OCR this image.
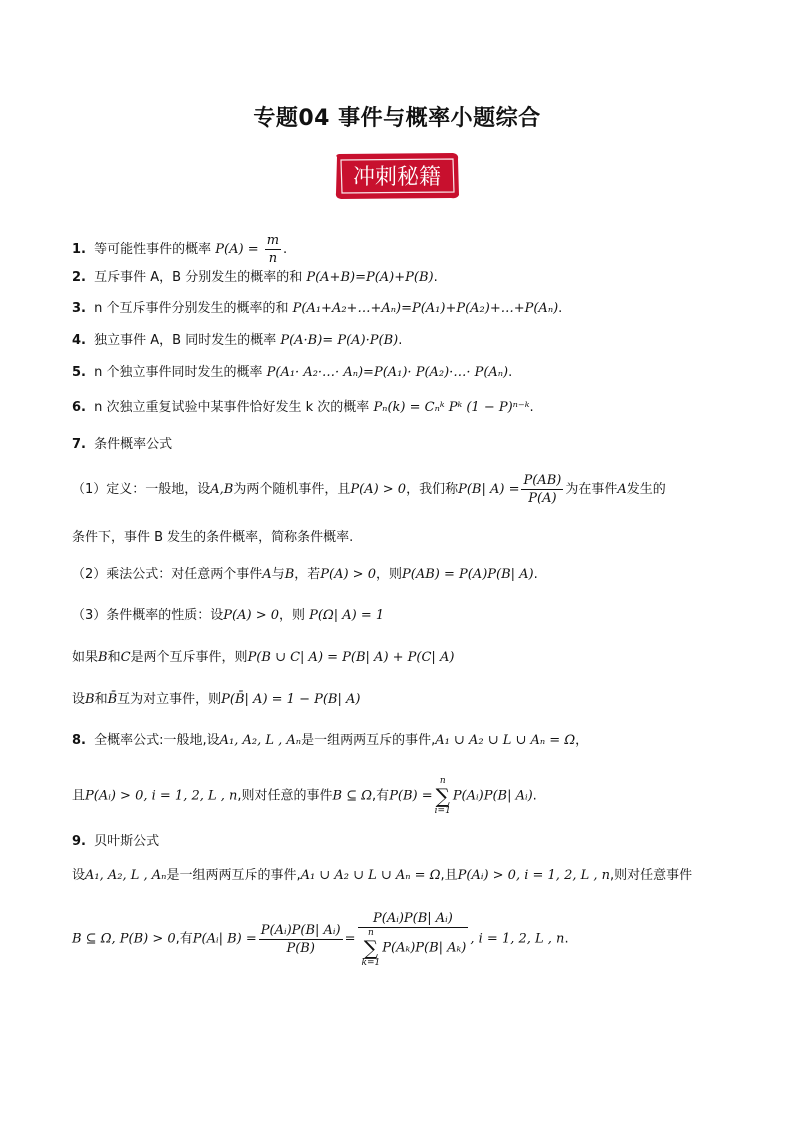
专题04 事件与概率小题综合
冲刺秘籍
1. 等可能性事件的概率 $P(A) = \frac{m}{n}$ .
2. 互斥事件 A，B 分别发生的概率的和 P(A+B)=P(A)+P(B).
3. n 个互斥事件分别发生的概率的和 P(A₁+A₂+…+Aₙ)=P(A₁)+P(A₂)+…+P(Aₙ).
4. 独立事件 A，B 同时发生的概率 P(A·B)= P(A)·P(B).
5. n 个独立事件同时发生的概率 P(A₁· A₂·…· Aₙ)=P(A₁)· P(A₂)·…· P(Aₙ).
6. n 次独立重复试验中某事件恰好发生 k 次的概率 Pₙ(k) = Cₙᵏ Pᵏ (1 − P)ⁿ⁻ᵏ.
7. 条件概率公式
（1）定义：一般地，设A,B为两个随机事件，且P(A) > 0，我们称P(B| $A) = \frac{P(AB)}{P(A)}$ 为在事件A发生的
条件下，事件 B 发生的条件概率，简称条件概率.
（2）乘法公式：对任意两个事件A与B，若P(A) > 0，则P(AB) = P(A)P(B| A).
（3）条件概率的性质：设P(A) > 0，则 P(Ω| A) = 1
如果B和C是两个互斥事件，则P(B ∪ C| A) = P(B| A) + P(C| A)
设B和B̄互为对立事件，则P(B̄| A) = 1 − P(B| A)
8. 全概率公式:一般地,设A₁, A₂, L , Aₙ是一组两两互斥的事件,A₁ ∪ A₂ ∪ L ∪ Aₙ = Ω，
且P(Aᵢ) > 0, i = 1, 2, L , n,则对任意的事件B ⊆ Ω,有P(B) =n
∑
i=1P(Aᵢ)P(B| Aᵢ).
9. 贝叶斯公式
设A₁, A₂, L , Aₙ是一组两两互斥的事件,A₁ ∪ A₂ ∪ L ∪ Aₙ = Ω,且P(Aᵢ) > 0, i = 1, 2, L , n,则对任意事件
B ⊆ Ω, P(B) > 0,有P(Aᵢ| $B) = \frac{\text{P(Aᵢ)P(B| Aᵢ)}}{P(B)}$ = P(Aᵢ)P(B| Aᵢ)
n
∑
k=1P(Aₖ)P(B| Aₖ) , i = 1, 2, L , n.
